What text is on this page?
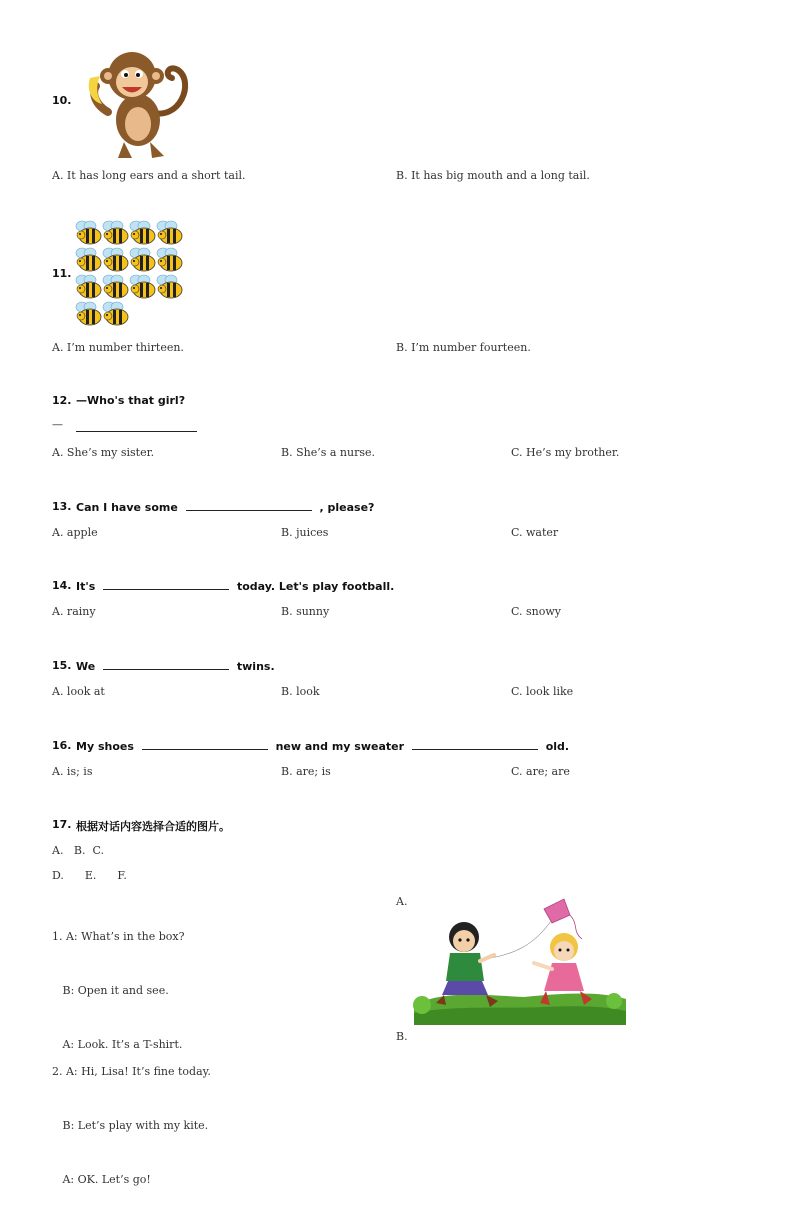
10.
A. It has long ears and a short tail.	B. It has big mouth and a long tail.
11.
A. I’m number thirteen.	B. I’m number fourteen.
12. —Who's that girl?
—
A. She’s my sister.	B. She’s a nurse.	C. He’s my brother.
13. Can I have some	, please?
A. apple	B. juices	C. water
14. It's	today. Let's play football.
A. rainy	B. sunny	C. snowy
15. We	twins.
A. look at	B. look	C. look like
16. My shoes	new and my sweater	old.
A. is; is	B. are; is	C. are; are
17. 根据对话内容选择合适的图片。
A.   B.  C.
D.      E.      F.

1. A: What’s in the box?

B: Open it and see.

A: Look. It’s a T-shirt.

A.

2. A: Hi, Lisa! It’s fine today.

B: Let’s play with my kite.

A: OK. Let’s go!

B.
